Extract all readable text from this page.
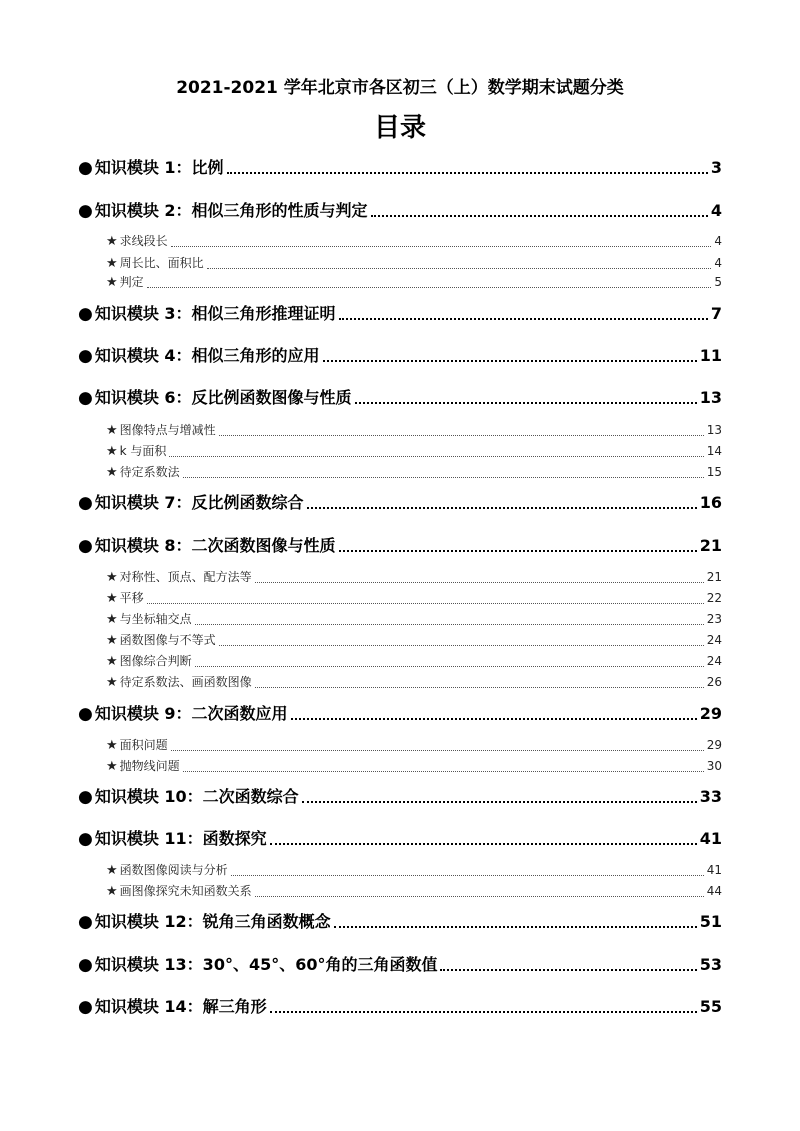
2021-2021 学年北京市各区初三（上）数学期末试题分类
目录
● 知识模块 1：比例	3
● 知识模块 2：相似三角形的性质与判定	4
★ 求线段长	4
★ 周长比、面积比	4
★ 判定	5
● 知识模块 3：相似三角形推理证明	7
● 知识模块 4：相似三角形的应用	11
● 知识模块 6：反比例函数图像与性质	13
★ 图像特点与增减性	13
★ k 与面积	14
★ 待定系数法	15
● 知识模块 7：反比例函数综合	16
● 知识模块 8：二次函数图像与性质	21
★ 对称性、顶点、配方法等	21
★ 平移	22
★ 与坐标轴交点	23
★ 函数图像与不等式	24
★ 图像综合判断	24
★ 待定系数法、画函数图像	26
● 知识模块 9：二次函数应用	29
★ 面积问题	29
★ 抛物线问题	30
● 知识模块 10：二次函数综合	33
● 知识模块 11：函数探究	41
★ 函数图像阅读与分析	41
★ 画图像探究未知函数关系	44
● 知识模块 12：锐角三角函数概念	51
● 知识模块 13：30°、45°、60°角的三角函数值	53
● 知识模块 14：解三角形	55
